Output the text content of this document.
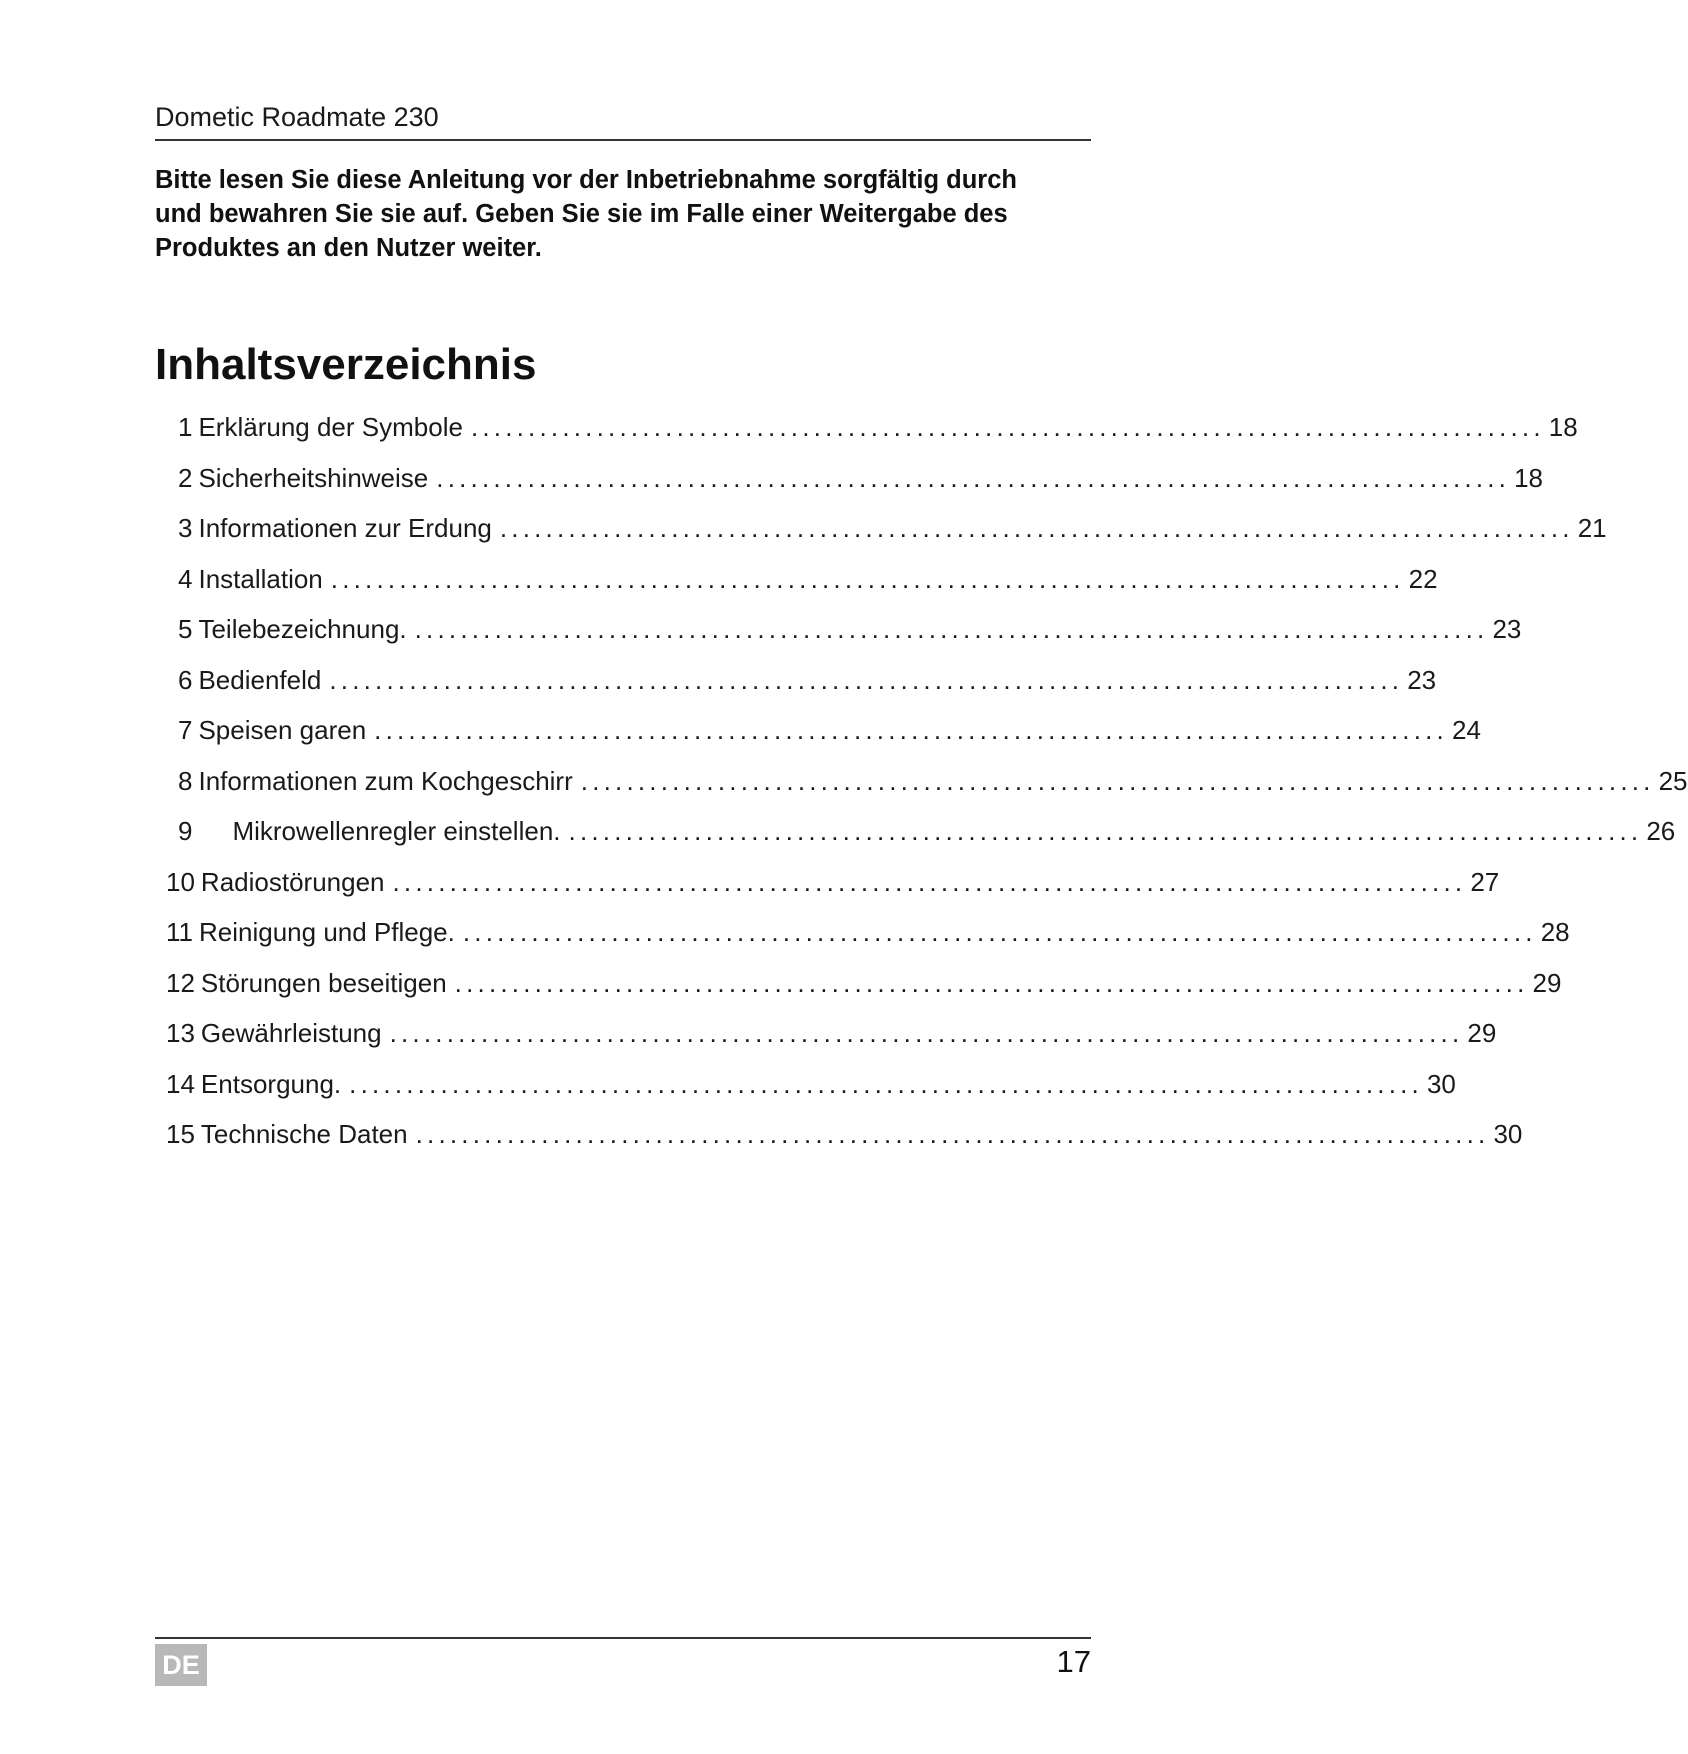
Dometic Roadmate 230
Bitte lesen Sie diese Anleitung vor der Inbetriebnahme sorgfältig durch
und bewahren Sie sie auf. Geben Sie sie im Falle einer Weitergabe des
Produktes an den Nutzer weiter.
Inhaltsverzeichnis
1 Erklärung der Symbole .............................................................................................. 18
2 Sicherheitshinweise .............................................................................................. 18
3 Informationen zur Erdung .............................................................................................. 21
4 Installation .............................................................................................. 22
5 Teilebezeichnung. .............................................................................................. 23
6 Bedienfeld .............................................................................................. 23
7 Speisen garen .............................................................................................. 24
8 Informationen zum Kochgeschirr .............................................................................................. 25
9	Mikrowellenregler einstellen. .............................................................................................. 26
10 Radiostörungen .............................................................................................. 27
11 Reinigung und Pflege. .............................................................................................. 28
12 Störungen beseitigen .............................................................................................. 29
13 Gewährleistung .............................................................................................. 29
14 Entsorgung. .............................................................................................. 30
15 Technische Daten .............................................................................................. 30
DE	17
